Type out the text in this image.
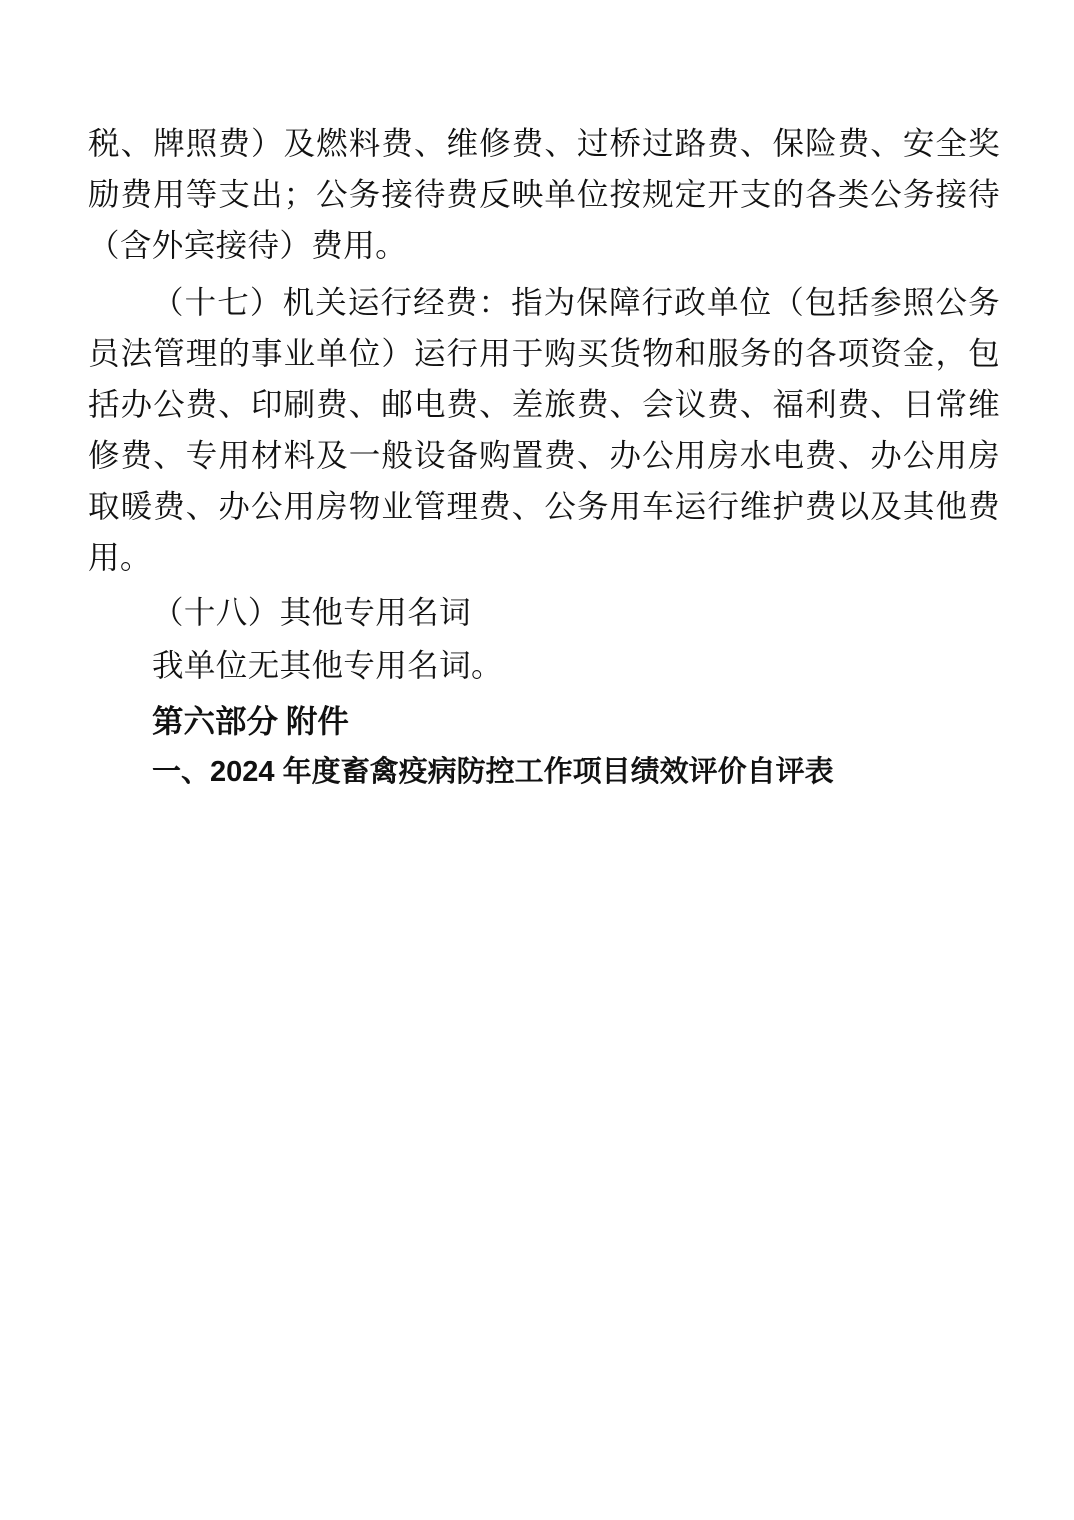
税、牌照费）及燃料费、维修费、过桥过路费、保险费、安全奖励费用等支出；公务接待费反映单位按规定开支的各类公务接待（含外宾接待）费用。

（十七）机关运行经费：指为保障行政单位（包括参照公务员法管理的事业单位）运行用于购买货物和服务的各项资金，包括办公费、印刷费、邮电费、差旅费、会议费、福利费、日常维修费、专用材料及一般设备购置费、办公用房水电费、办公用房取暖费、办公用房物业管理费、公务用车运行维护费以及其他费用。

（十八）其他专用名词

我单位无其他专用名词。

第六部分 附件

一、2024 年度畜禽疫病防控工作项目绩效评价自评表
